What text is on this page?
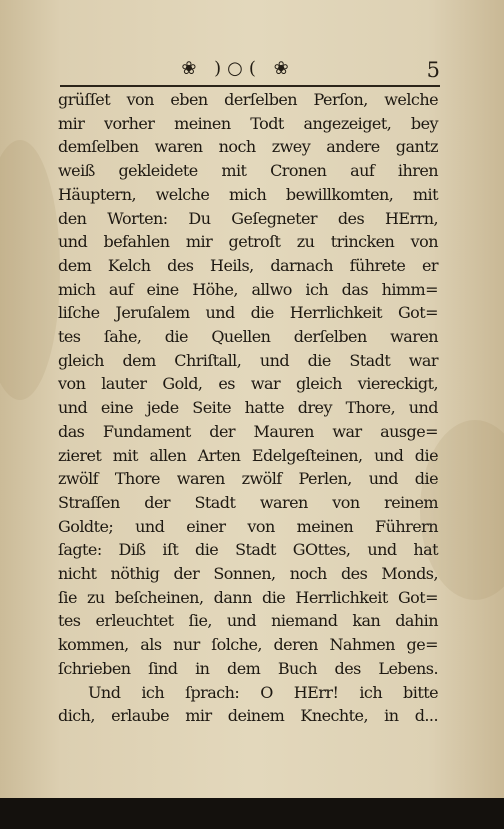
❀ )○( ❀	5
grüſſet von eben derſelben Perſon, welche
mir vorher meinen Todt angezeiget, bey
demſelben waren noch zwey andere gantz
weiß gekleidete mit Cronen auf ihren
Häuptern, welche mich bewillkomten, mit
den Worten: Du Geſegneter des HErrn,
und befahlen mir getroſt zu trincken von
dem Kelch des Heils, darnach führete er
mich auf eine Höhe, allwo ich das himm=
liſche Jeruſalem und die Herrlichkeit Got=
tes ſahe, die Quellen derſelben waren
gleich dem Chriſtall, und die Stadt war
von lauter Gold, es war gleich viereckigt,
und eine jede Seite hatte drey Thore, und
das Fundament der Mauren war ausge=
zieret mit allen Arten Edelgeſteinen, und die
zwölf Thore waren zwölf Perlen, und die
Straſſen der Stadt waren von reinem
Goldte; und einer von meinen Führern
ſagte: Diß iſt die Stadt GOttes, und hat
nicht nöthig der Sonnen, noch des Monds,
ſie zu beſcheinen, dann die Herrlichkeit Got=
tes erleuchtet ſie, und niemand kan dahin
kommen, als nur ſolche, deren Nahmen ge=
ſchrieben ſind in dem Buch des Lebens.
Und ich ſprach: O HErr! ich bitte
dich, erlaube mir deinem Knechte, in d...
